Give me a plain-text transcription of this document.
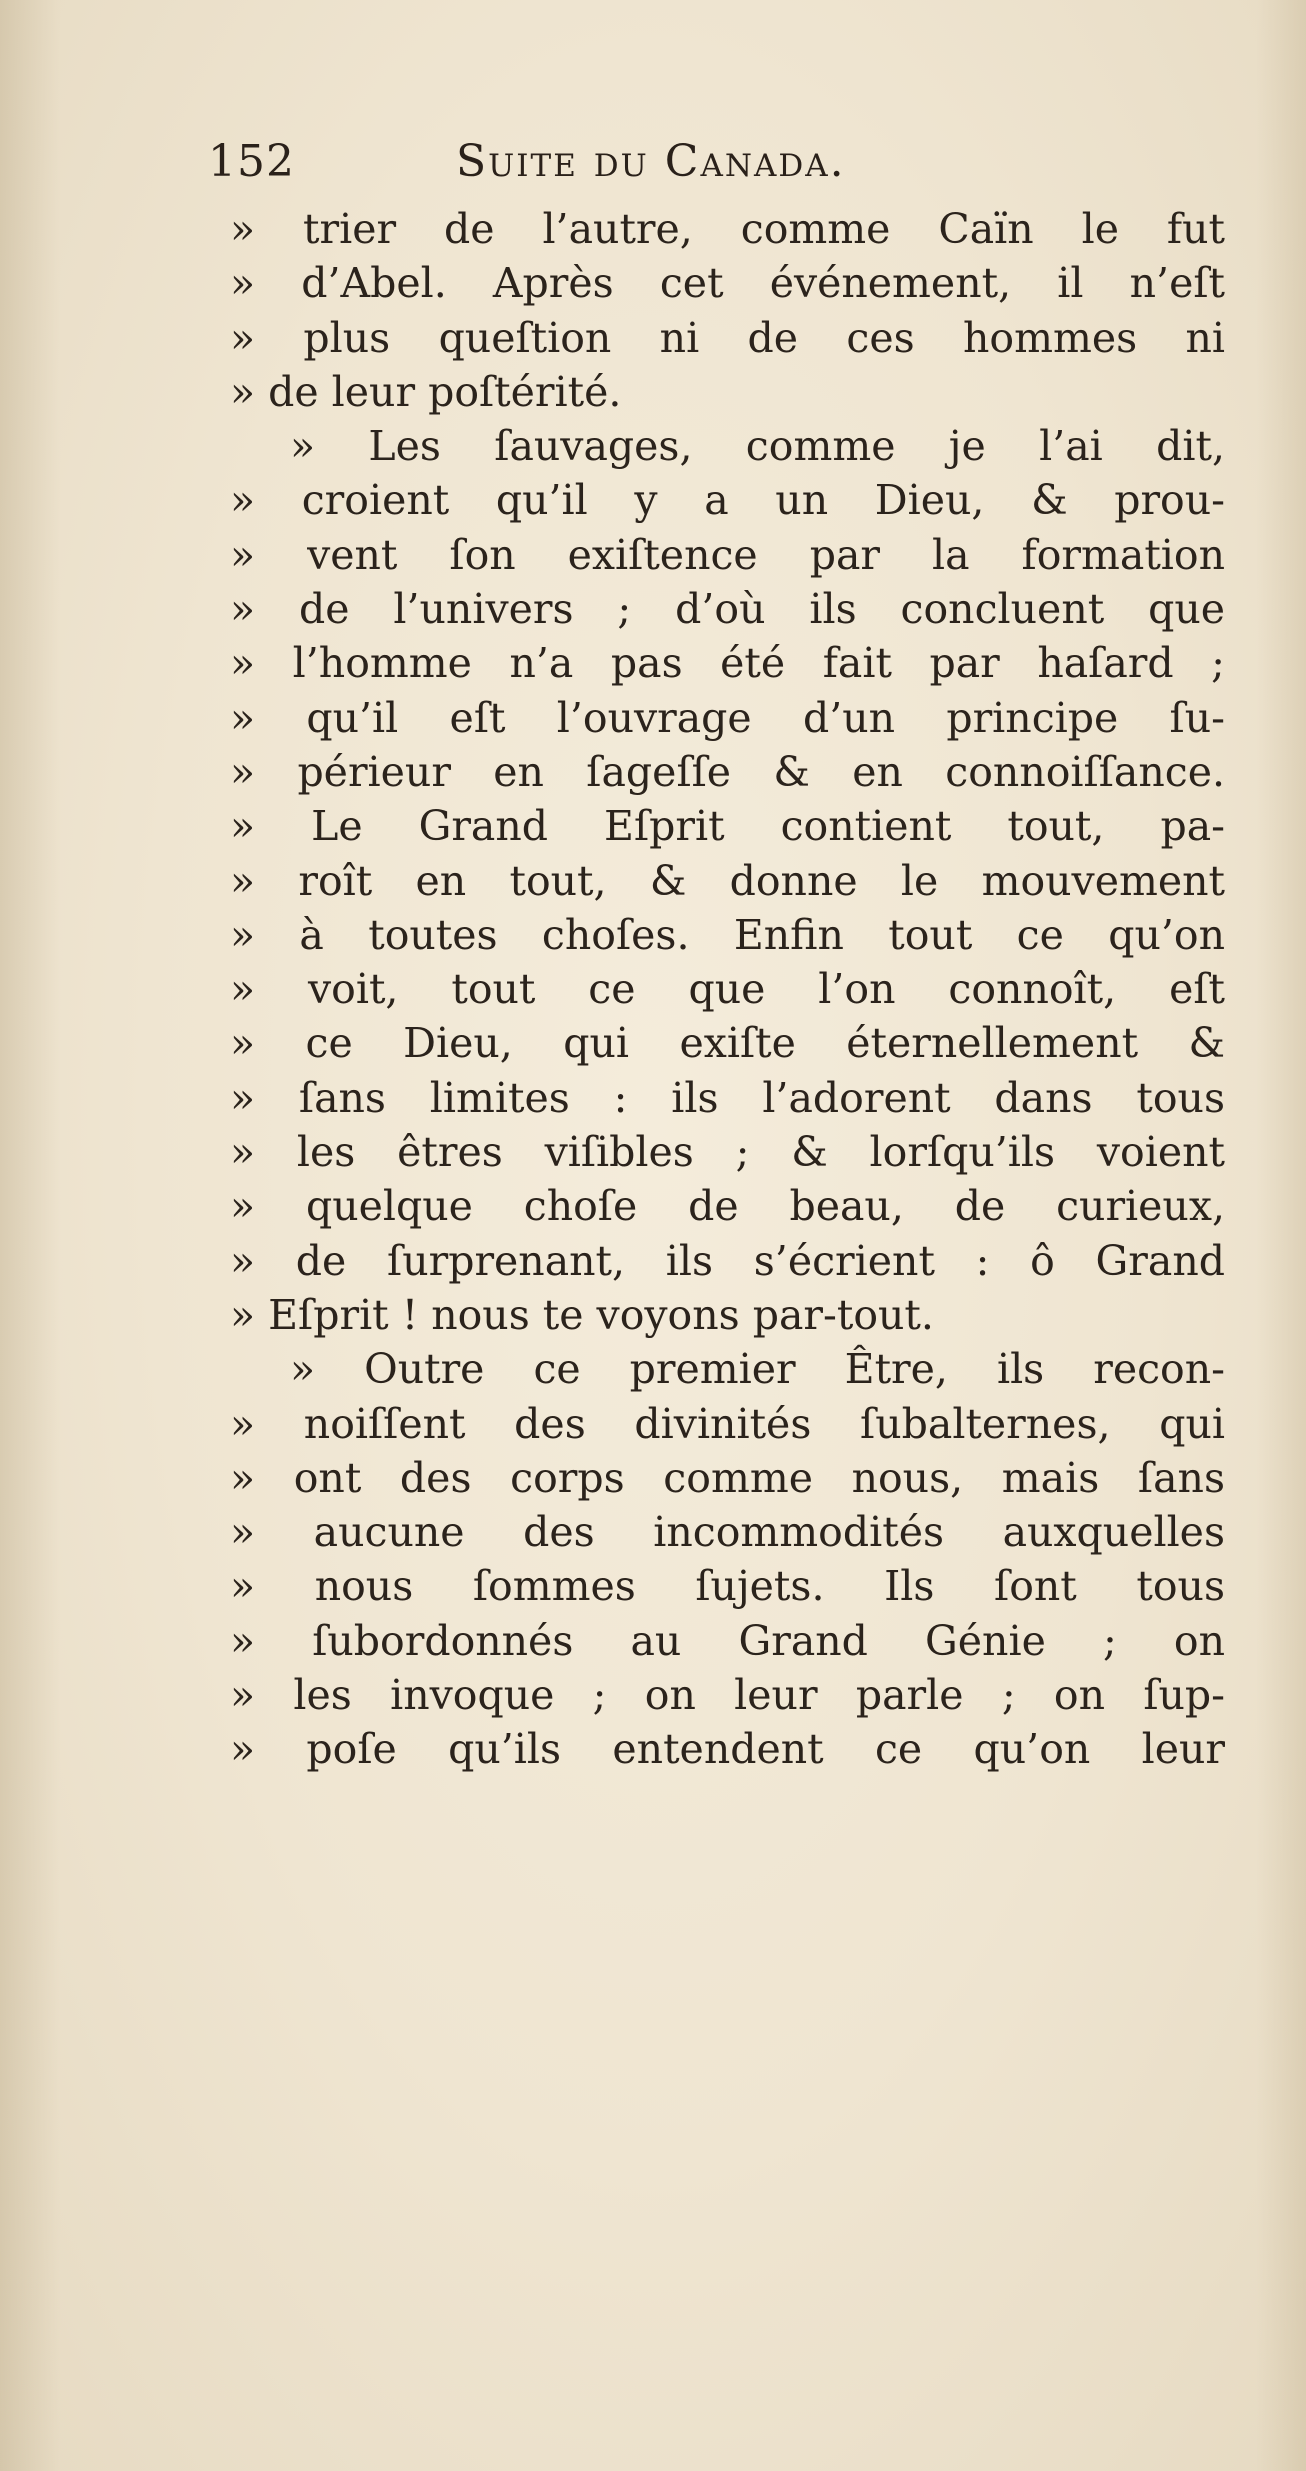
152	Suite du Canada.
» trier de l’autre, comme Caïn le fut
» d’Abel. Après cet événement, il n’eſt
» plus queſtion ni de ces hommes ni
» de leur poſtérité.
» Les ſauvages, comme je l’ai dit,
» croient qu’il y a un Dieu, & prou-
» vent ſon exiſtence par la formation
» de l’univers ; d’où ils concluent que
» l’homme n’a pas été fait par haſard ;
» qu’il eſt l’ouvrage d’un principe ſu-
» périeur en ſageſſe & en connoiſſance.
» Le Grand Eſprit contient tout, pa-
» roît en tout, & donne le mouvement
» à toutes choſes. Enfin tout ce qu’on
» voit, tout ce que l’on connoît, eſt
» ce Dieu, qui exiſte éternellement &
» ſans limites : ils l’adorent dans tous
» les êtres viſibles ; & lorſqu’ils voient
» quelque choſe de beau, de curieux,
» de ſurprenant, ils s’écrient : ô Grand
» Eſprit ! nous te voyons par-tout.
» Outre ce premier Être, ils recon-
» noiſſent des divinités ſubalternes, qui
» ont des corps comme nous, mais ſans
» aucune des incommodités auxquelles
» nous ſommes ſujets. Ils ſont tous
» ſubordonnés au Grand Génie ; on
» les invoque ; on leur parle ; on ſup-
» poſe qu’ils entendent ce qu’on leur
